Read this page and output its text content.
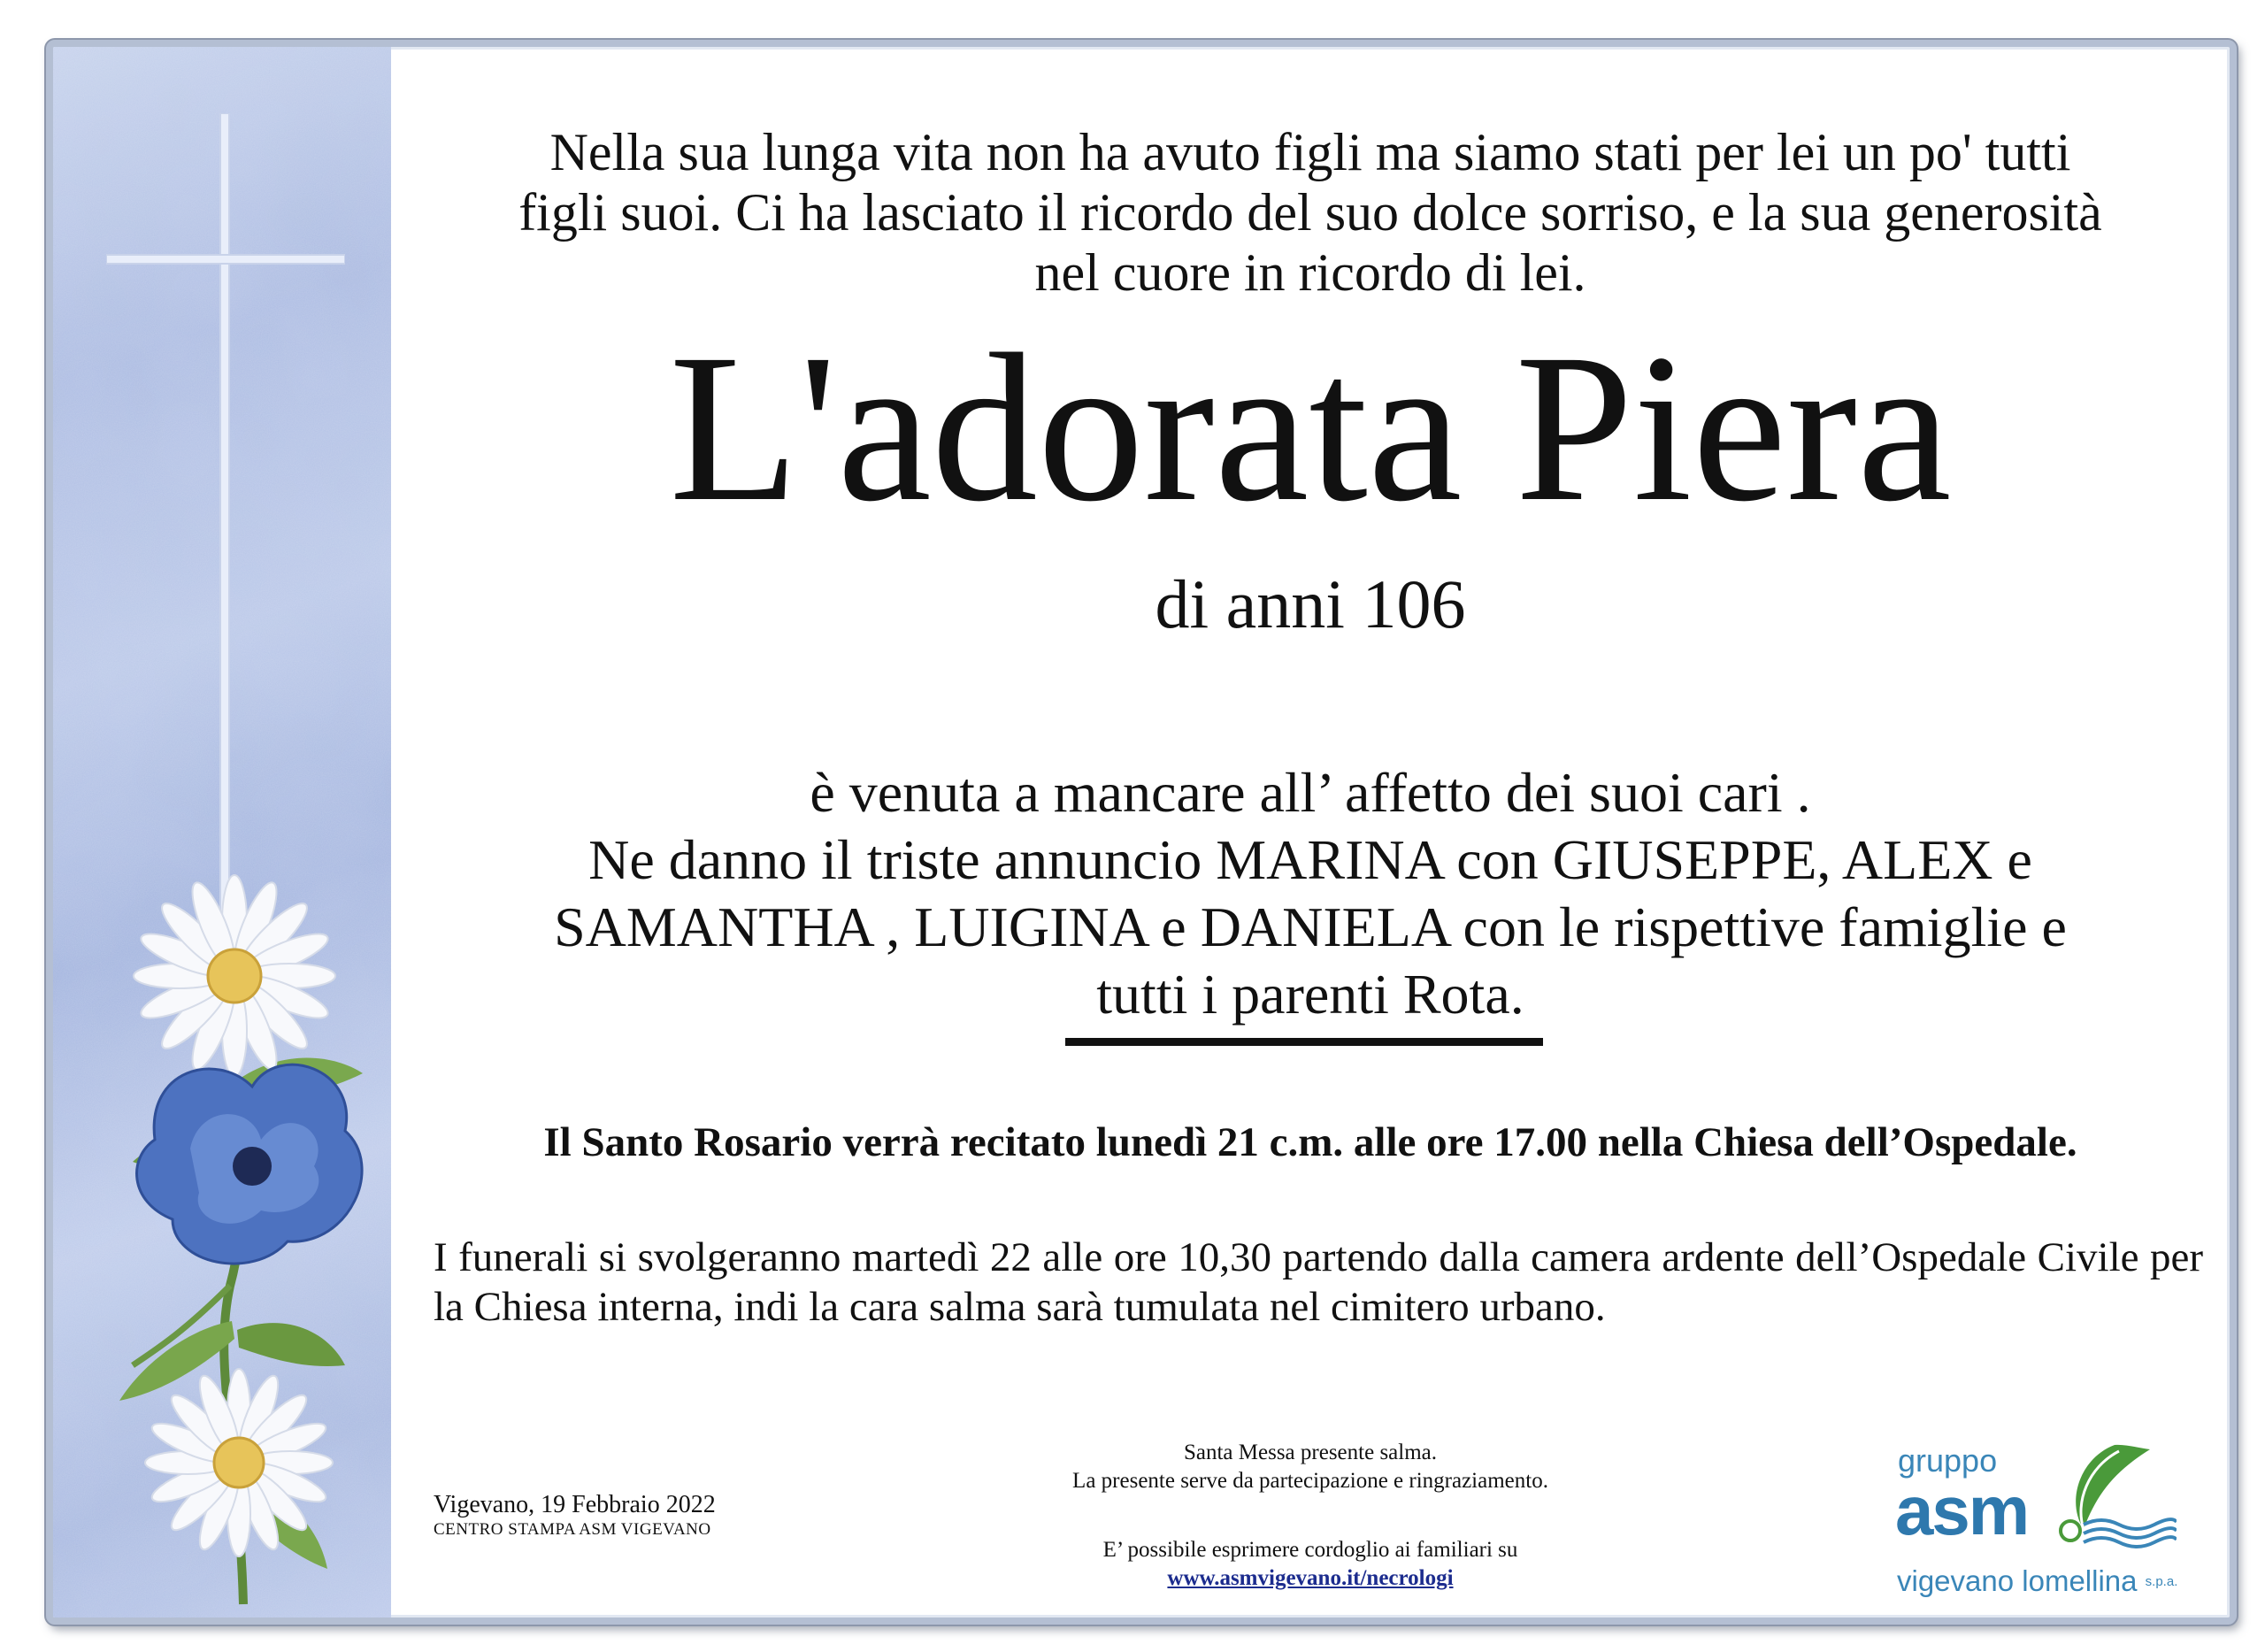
Nella sua lunga vita non ha avuto figli ma siamo stati per lei un po' tutti
figli suoi. Ci ha lasciato il ricordo del suo dolce sorriso, e la sua generosità
nel cuore in ricordo di lei.
L'adorata Piera
di anni 106
è venuta a mancare all’ affetto dei suoi cari .
Ne danno il triste annuncio MARINA con GIUSEPPE, ALEX e
SAMANTHA , LUIGINA e DANIELA con le rispettive famiglie e
tutti i parenti Rota.
Il Santo Rosario verrà recitato lunedì 21 c.m. alle ore 17.00 nella Chiesa dell’Ospedale.
I funerali si svolgeranno martedì 22 alle ore 10,30 partendo dalla camera ardente dell’Ospedale Civile per la Chiesa interna, indi la cara salma sarà tumulata nel cimitero urbano.
Santa Messa presente salma.
La presente serve da partecipazione e ringraziamento.
E’ possibile esprimere cordoglio ai familiari su
www.asmvigevano.it/necrologi
Vigevano, 19 Febbraio 2022
CENTRO STAMPA ASM VIGEVANO
gruppo
asm
vigevano lomellina s.p.a.
